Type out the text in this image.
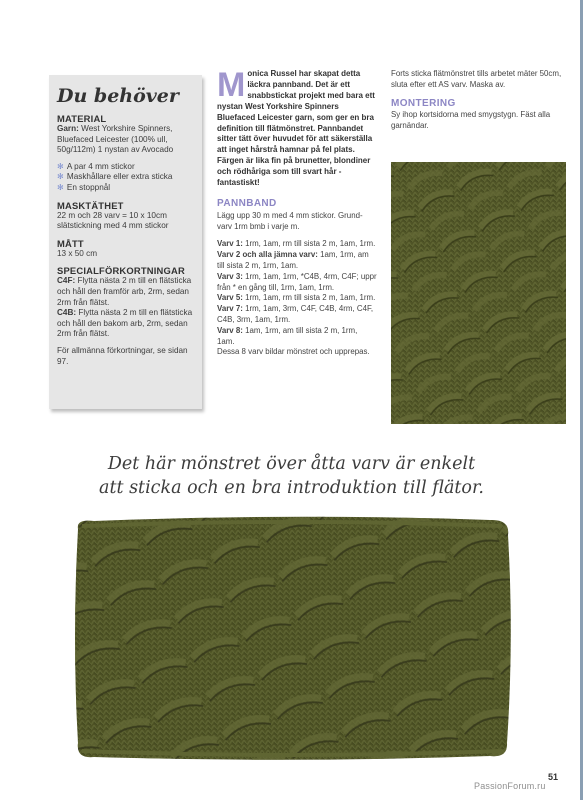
Du behöver

MATERIAL

Garn: West Yorkshire Spinners, Bluefaced Leicester (100% ull, 50g/112m) 1 nystan av Avocado

✻ A par 4 mm stickor

✻ Maskhållare eller extra sticka

✻ En stoppnål

MASKTÄTHET

22 m och 28 varv = 10 x 10cm slätstickning med 4 mm stickor

MÅTT

13 x 50 cm

SPECIALFÖRKORTNINGAR

C4F: Flytta nästa 2 m till en flätsticka och håll den framför arb, 2rm, sedan 2rm från flätst.

C4B: Flytta nästa 2 m till en flätsticka och håll den bakom arb, 2rm, sedan 2rm från flätst.

För allmänna förkortningar, se sidan 97.

M onica Russel har skapat detta läckra pannband. Det är ett snabbstickat projekt med bara ett nystan West Yorkshire Spinners Bluefaced Leicester garn, som ger en bra definition till flätmönstret. Pannbandet sitter tätt över huvudet för att säkerställa att inget hårstrå hamnar på fel plats. Färgen är lika fin på brunetter, blondiner och rödhåriga som till svart hår - fantastiskt!

PANNBAND

Lägg upp 30 m med 4 mm stickor. Grund-varv 1rm bmb i varje m.

Varv 1: 1rm, 1am, rm till sista 2 m, 1am, 1rm.

Varv 2 och alla jämna varv: 1am, 1rm, am till sista 2 m, 1rm, 1am.

Varv 3: 1rm, 1am, 1rm, *C4B, 4rm, C4F; uppr från * en gång till, 1rm, 1am, 1rm.

Varv 5: 1rm, 1am, rm till sista 2 m, 1am, 1rm.

Varv 7: 1rm, 1am, 3rm, C4F, C4B, 4rm, C4F, C4B, 3rm, 1am, 1rm.

Varv 8: 1am, 1rm, am till sista 2 m, 1rm, 1am.

Dessa 8 varv bildar mönstret och upprepas.

Forts sticka flätmönstret tills arbetet mäter 50cm, sluta efter ett AS varv. Maska av.

MONTERING

Sy ihop kortsidorna med smygstygn. Fäst alla garnändar.

Det här mönstret över åtta varv är enkelt
att sticka och en bra introduktion till flätor.
51
PassionForum.ru
